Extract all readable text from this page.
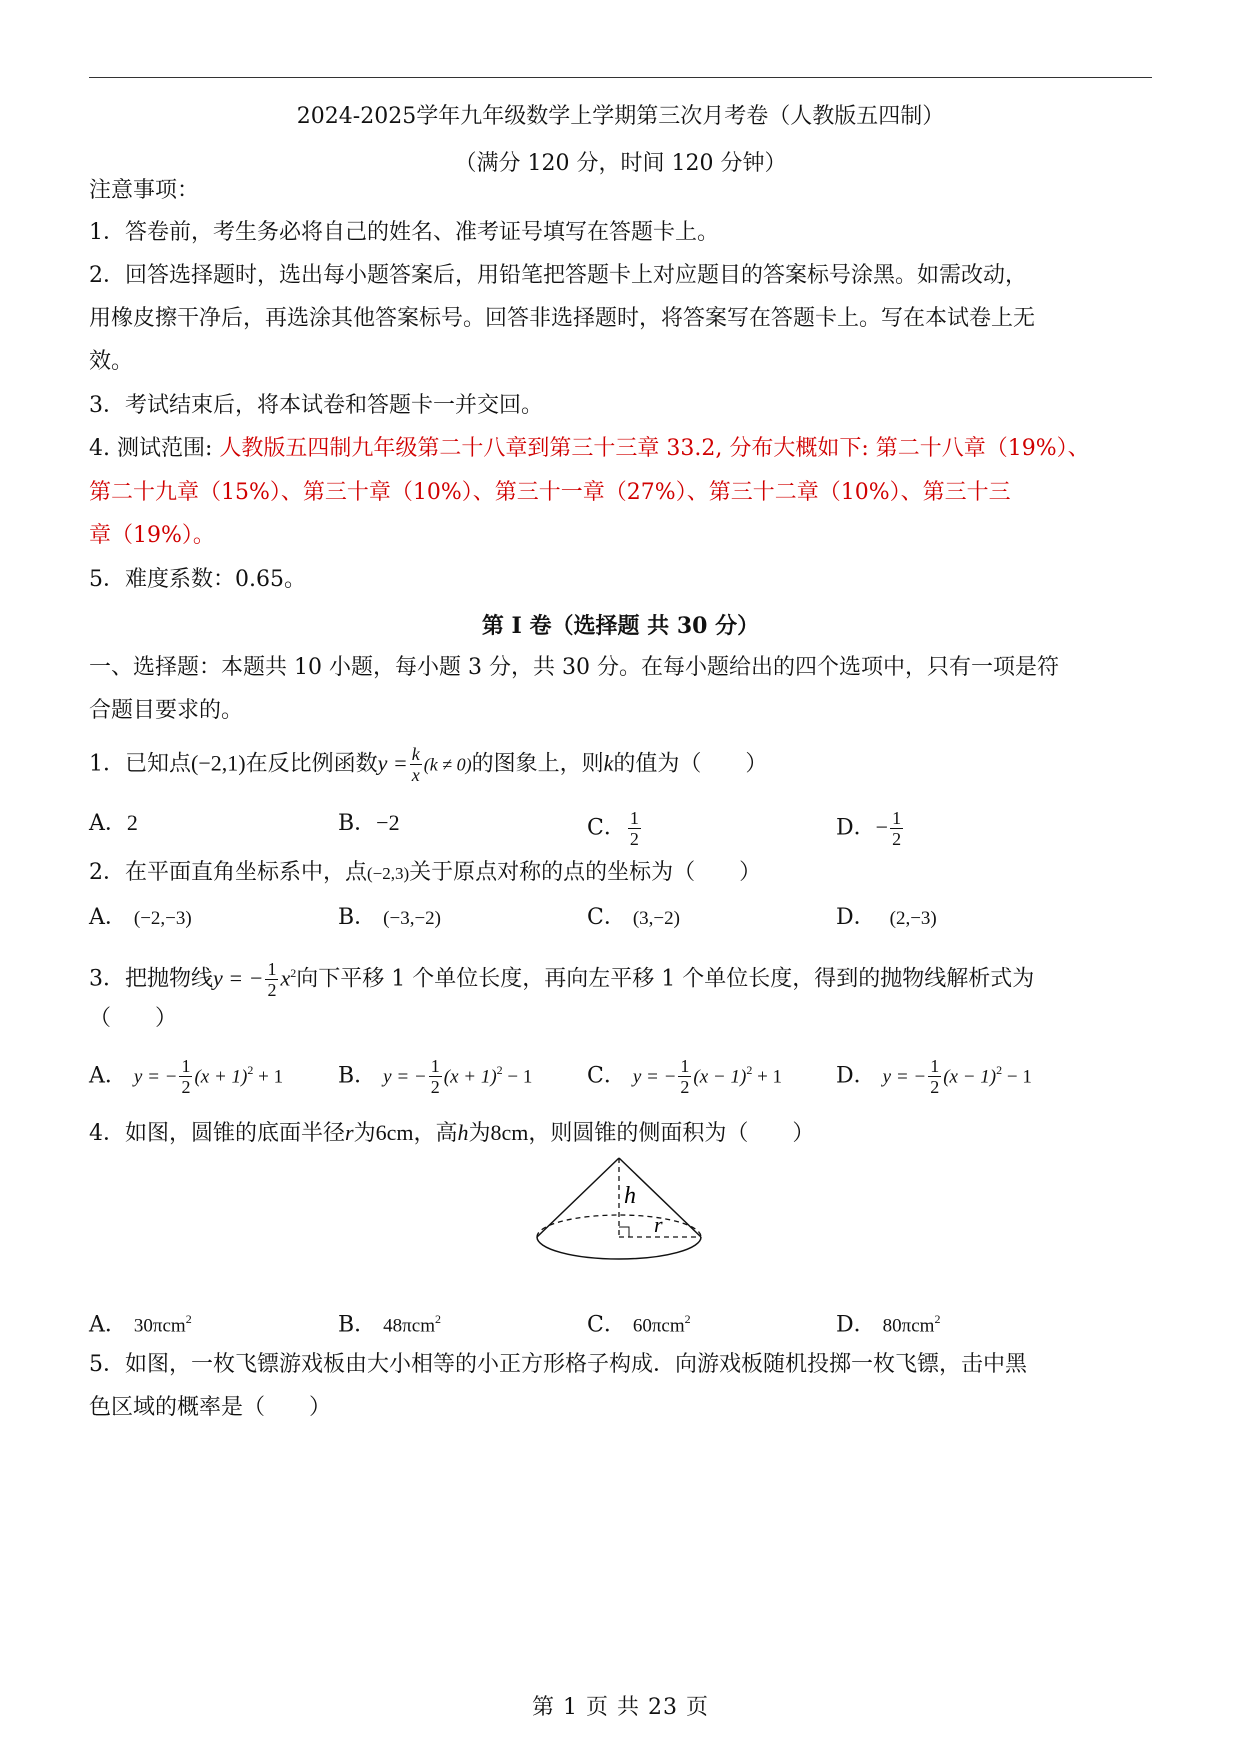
2024-2025学年九年级数学上学期第三次月考卷（人教版五四制）
（满分 120 分，时间 120 分钟）
注意事项：
1．答卷前，考生务必将自己的姓名、准考证号填写在答题卡上。
2．回答选择题时，选出每小题答案后，用铅笔把答题卡上对应题目的答案标号涂黑。如需改动，
用橡皮擦干净后，再选涂其他答案标号。回答非选择题时，将答案写在答题卡上。写在本试卷上无
效。
3．考试结束后，将本试卷和答题卡一并交回。
4. 测试范围: 人教版五四制九年级第二十八章到第三十三章 33.2, 分布大概如下: 第二十八章（19%）、
第二十九章（15%）、第三十章（10%）、第三十一章（27%）、第三十二章（10%）、第三十三
章（19%）。
5．难度系数：0.65。
第 I 卷（选择题 共 30 分）
一、选择题：本题共 10 小题，每小题 3 分，共 30 分。在每小题给出的四个选项中，只有一项是符
合题目要求的。
1．已知点(−2,1)在反比例函数$y = \frac{k}{x} (k \ne 0)$的图象上，则k的值为（　　）
A．2	B．−2	C． $\frac{1}{2}$	D．− $\frac{1}{2}$
2．在平面直角坐标系中，点(−2,3)关于原点对称的点的坐标为（　　）
A． (−2,−3)	B． (−3,−2)	C． (3,−2)	D． (2,−3)
3．把抛物线y = − $\frac{1}{2} x^2$向下平移 1 个单位长度，再向左平移 1 个单位长度，得到的抛物线解析式为
（　　）
A． y = − $\frac{1}{2} (x + 1)^2 + 1$ B． y = − $\frac{1}{2} (x + 1)^2 - 1$ C． y = − $\frac{1}{2} (x - 1)^2 + 1$ D． y = − $\frac{1}{2} (x - 1)^2 - 1$
4．如图，圆锥的底面半径r为6cm，高h为8cm，则圆锥的侧面积为（　　）
h
r
A． 30πcm$^2$	B． 48πcm$^2$	C． 60πcm$^2$	D． 80πcm$^2$
5．如图，一枚飞镖游戏板由大小相等的小正方形格子构成．向游戏板随机投掷一枚飞镖，击中黑
色区域的概率是（　　）
第 1 页 共 23 页
